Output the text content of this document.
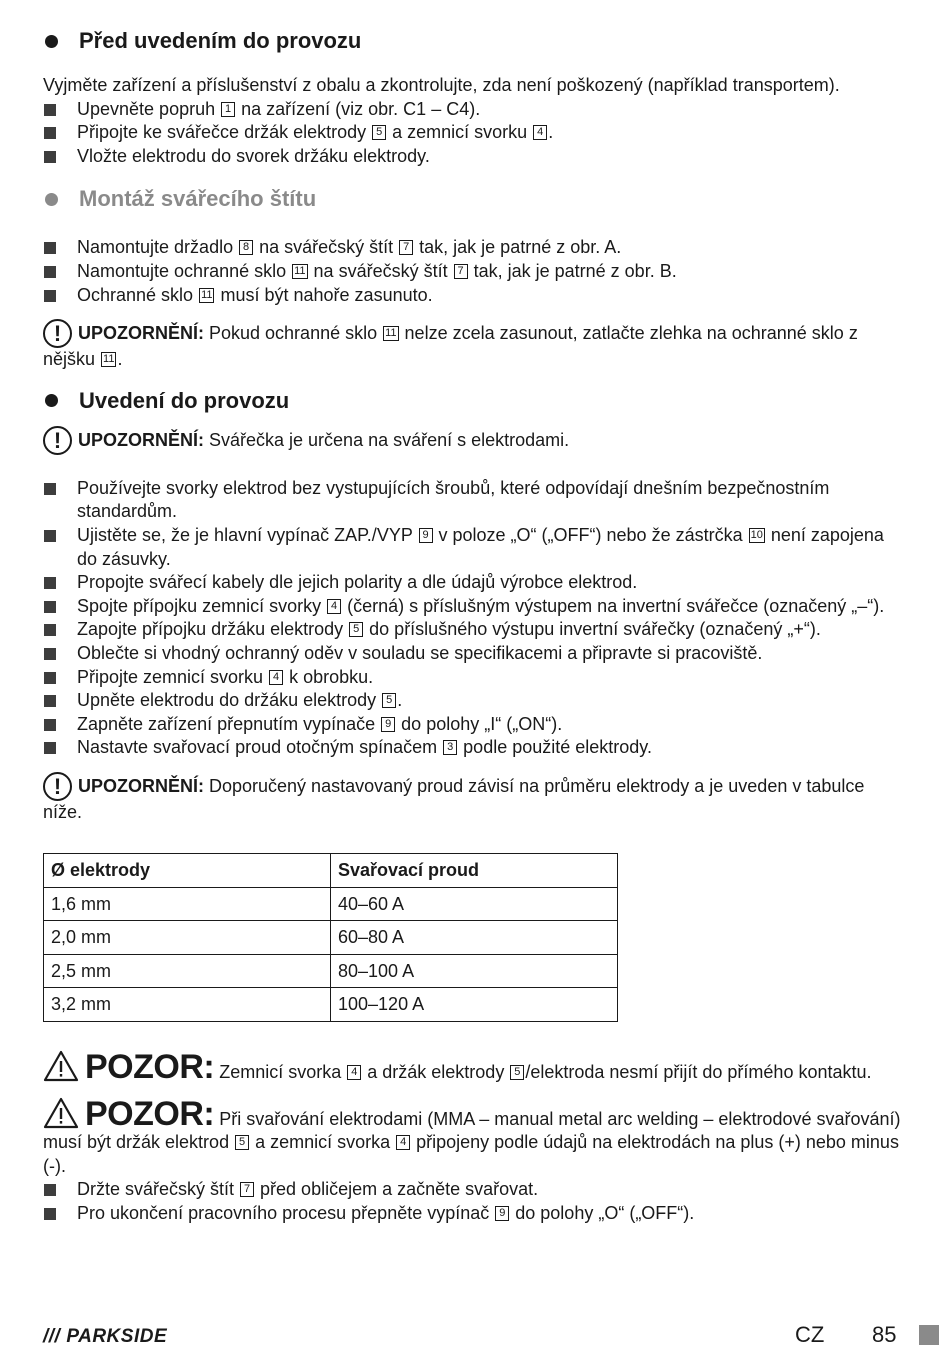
Před uvedením do provozu

Vyjměte zařízení a příslušenství z obalu a zkontrolujte, zda není poškozený (například transportem).

Upevněte popruh 1 na zařízení (viz obr. C1 – C4).
Připojte ke svářečce držák elektrody 5 a zemnicí svorku 4 .
Vložte elektrodu do svorek držáku elektrody.
Montáž svářecího štítu
Namontujte držadlo 8 na svářečský štít 7 tak, jak je patrné z obr. A.
Namontujte ochranné sklo 11 na svářečský štít 7 tak, jak je patrné z obr. B.
Ochranné sklo 11 musí být nahoře zasunuto.

! UPOZORNĚNÍ: Pokud ochranné sklo 11 nelze zcela zasunout, zatlačte zlehka na ochranné sklo z nějšku 11 .

Uvedení do provozu

! UPOZORNĚNÍ: Svářečka je určena na sváření s elektrodami.

Používejte svorky elektrod bez vystupujících šroubů, které odpovídají dnešním bezpečnostním standardům.
Ujistěte se, že je hlavní vypínač ZAP./VYP 9 v poloze „O“ („OFF“) nebo že zástrčka 10 není zapojena do zásuvky.
Propojte svářecí kabely dle jejich polarity a dle údajů výrobce elektrod.
Spojte přípojku zemnicí svorky 4 (černá) s příslušným výstupem na invertní svářečce (označený „–“).
Zapojte přípojku držáku elektrody 5 do příslušného výstupu invertní svářečky (označený „+“).
Oblečte si vhodný ochranný oděv v souladu se specifikacemi a připravte si pracoviště.
Připojte zemnicí svorku 4 k obrobku.
Upněte elektrodu do držáku elektrody 5 .
Zapněte zařízení přepnutím vypínače 9 do polohy „I“ („ON“).
Nastavte svařovací proud otočným spínačem 3 podle použité elektrody.

! UPOZORNĚNÍ: Doporučený nastavovaný proud závisí na průměru elektrody a je uveden v tabulce níže.

Ø elektrody	Svařovací proud
1,6 mm	40–60 A
2,0 mm	60–80 A
2,5 mm	80–100 A
3,2 mm	100–120 A

POZOR: Zemnicí svorka 4 a držák elektrody 5 /elektroda nesmí přijít do přímého kontaktu.

POZOR: Při svařování elektrodami (MMA – manual metal arc welding – elektrodové svařování) musí být držák elektrod 5 a zemnicí svorka 4 připojeny podle údajů na elektrodách na plus (+) nebo minus (-).

Držte svářečský štít 7 před obličejem a začněte svařovat.
Pro ukončení pracovního procesu přepněte vypínač 9 do polohy „O“ („OFF“).
/// PARKSIDE	CZ 85
